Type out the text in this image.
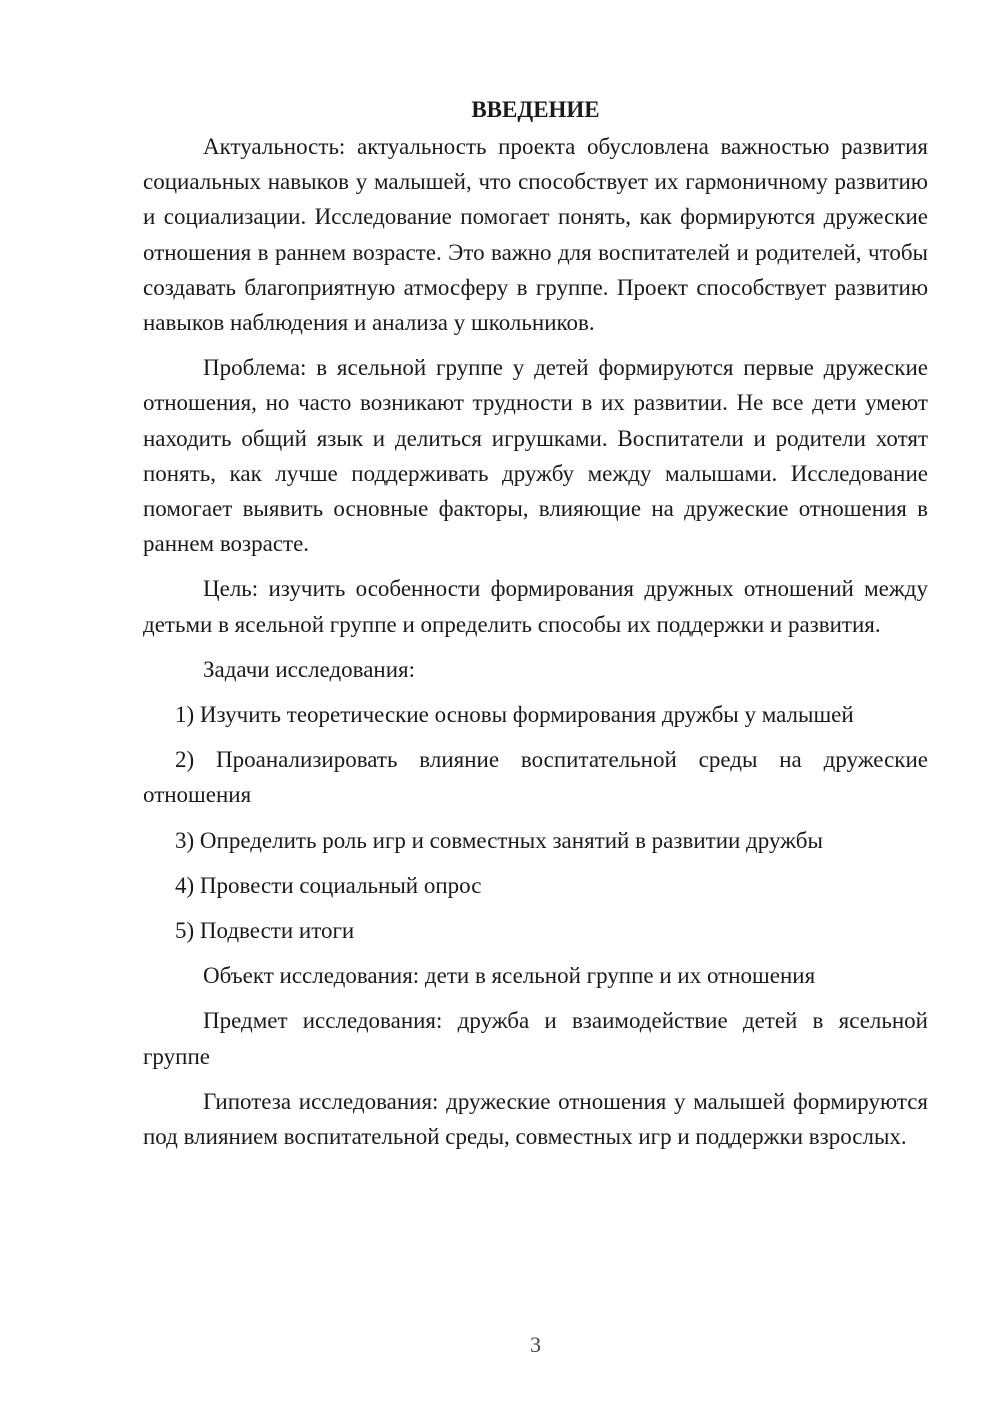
ВВЕДЕНИЕ

Актуальность: актуальность проекта обусловлена важностью развития социальных навыков у малышей, что способствует их гармоничному развитию и социализации. Исследование помогает понять, как формируются дружеские отношения в раннем возрасте. Это важно для воспитателей и родителей, чтобы создавать благоприятную атмосферу в группе. Проект способствует развитию навыков наблюдения и анализа у школьников.

Проблема: в ясельной группе у детей формируются первые дружеские отношения, но часто возникают трудности в их развитии. Не все дети умеют находить общий язык и делиться игрушками. Воспитатели и родители хотят понять, как лучше поддерживать дружбу между малышами. Исследование помогает выявить основные факторы, влияющие на дружеские отношения в раннем возрасте.

Цель: изучить особенности формирования дружных отношений между детьми в ясельной группе и определить способы их поддержки и развития.

Задачи исследования:

1) Изучить теоретические основы формирования дружбы у малышей

2) Проанализировать влияние воспитательной среды на дружеские отношения

3) Определить роль игр и совместных занятий в развитии дружбы

4) Провести социальный опрос

5) Подвести итоги

Объект исследования: дети в ясельной группе и их отношения

Предмет исследования: дружба и взаимодействие детей в ясельной группе

Гипотеза исследования: дружеские отношения у малышей формируются под влиянием воспитательной среды, совместных игр и поддержки взрослых.

3
